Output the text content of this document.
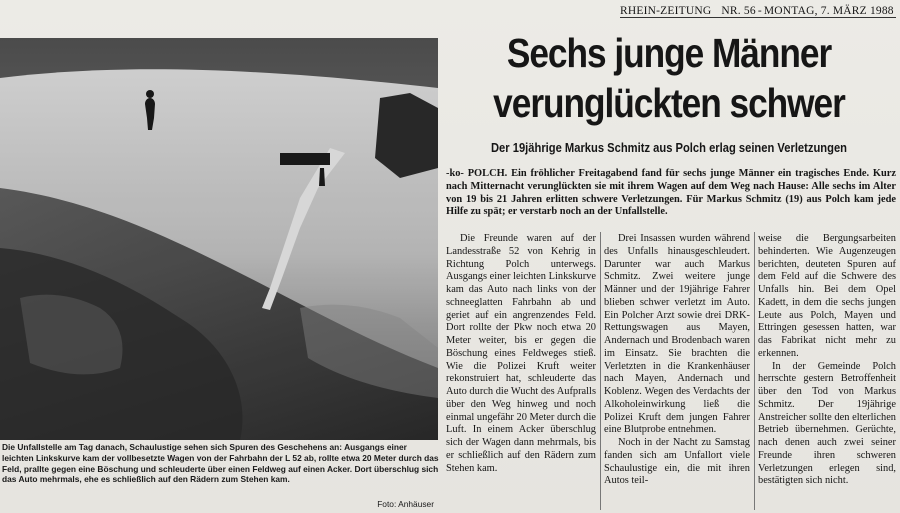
RHEIN-ZEITUNG NR. 56 - MONTAG, 7. MÄRZ 1988
Die Unfallstelle am Tag danach, Schaulustige sehen sich Spuren des Geschehens an: Ausgangs einer leichten Linkskurve kam der vollbesetzte Wagen von der Fahrbahn der L 52 ab, rollte etwa 20 Meter durch das Feld, prallte gegen eine Böschung und schleuderte über einen Feldweg auf einen Acker. Dort überschlug sich das Auto mehrmals, ehe es schließlich auf den Rädern zum Stehen kam.
Foto: Anhäuser
Sechs junge Männer
verunglückten schwer
Der 19jährige Markus Schmitz aus Polch erlag seinen Verletzungen
-ko- POLCH. Ein fröhlicher Freitagabend fand für sechs junge Männer ein tragisches Ende. Kurz nach Mitternacht verunglückten sie mit ihrem Wagen auf dem Weg nach Hause: Alle sechs im Alter von 19 bis 21 Jahren erlitten schwere Verletzungen. Für Markus Schmitz (19) aus Polch kam jede Hilfe zu spät; er verstarb noch an der Unfallstelle.

Die Freunde waren auf der Landesstraße 52 von Kehrig in Richtung Polch unterwegs. Ausgangs einer leichten Linkskurve kam das Auto nach links von der schneeglatten Fahrbahn ab und geriet auf ein angrenzendes Feld. Dort rollte der Pkw noch etwa 20 Meter weiter, bis er gegen die Böschung eines Feldweges stieß. Wie die Polizei Kruft weiter rekonstruiert hat, schleuderte das Auto durch die Wucht des Aufpralls über den Weg hinweg und noch einmal ungefähr 20 Meter durch die Luft. In einem Acker überschlug sich der Wagen dann mehrmals, bis er schließlich auf den Rädern zum Stehen kam.

Drei Insassen wurden während des Unfalls hinausgeschleudert. Darunter war auch Markus Schmitz. Zwei weitere junge Männer und der 19jährige Fahrer blieben schwer verletzt im Auto. Ein Polcher Arzt sowie drei DRK-Rettungswagen aus Mayen, Andernach und Brodenbach waren im Einsatz. Sie brachten die Verletzten in die Krankenhäuser nach Mayen, Andernach und Koblenz. Wegen des Verdachts der Alkoholeinwirkung ließ die Polizei Kruft dem jungen Fahrer eine Blutprobe entnehmen.

Noch in der Nacht zu Samstag fanden sich am Unfallort viele Schaulustige ein, die mit ihren Autos teil-

weise die Bergungsarbeiten behinderten. Wie Augenzeugen berichten, deuteten Spuren auf dem Feld auf die Schwere des Unfalls hin. Bei dem Opel Kadett, in dem die sechs jungen Leute aus Polch, Mayen und Ettringen gesessen hatten, war das Fabrikat nicht mehr zu erkennen.

In der Gemeinde Polch herrschte gestern Betroffenheit über den Tod von Markus Schmitz. Der 19jährige Anstreicher sollte den elterlichen Betrieb übernehmen. Gerüchte, nach denen auch zwei seiner Freunde ihren schweren Verletzungen erlegen sind, bestätigten sich nicht.
